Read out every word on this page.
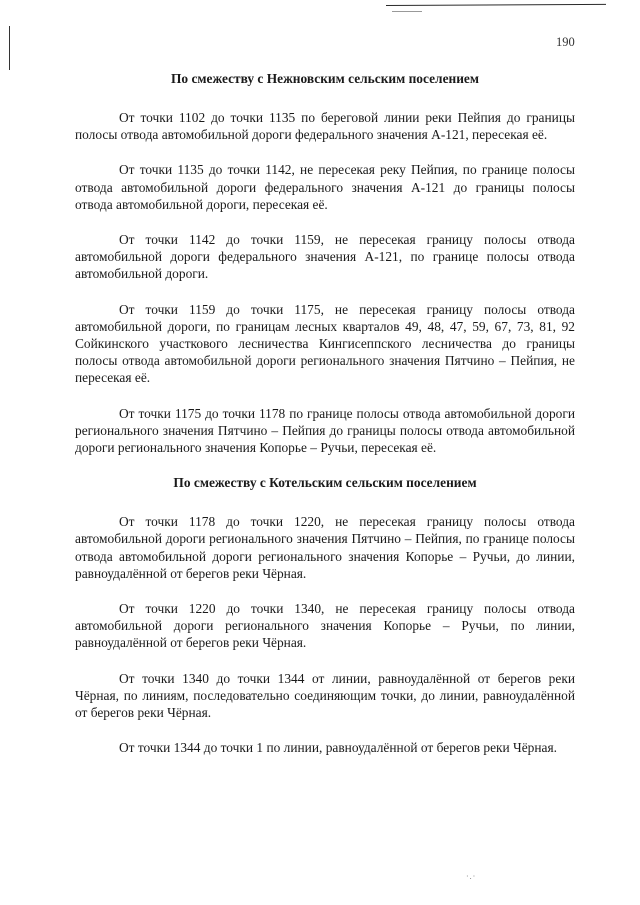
·.·
190
По смежеству с Нежновским сельским поселением

От точки 1102 до точки 1135 по береговой линии реки Пейпия до границы полосы отвода автомобильной дороги федерального значения А-121, пересекая её.

От точки 1135 до точки 1142, не пересекая реку Пейпия, по границе полосы отвода автомобильной дороги федерального значения А-121 до границы полосы отвода автомобильной дороги, пересекая её.

От точки 1142 до точки 1159, не пересекая границу полосы отвода автомобильной дороги федерального значения А-121, по границе полосы отвода автомобильной дороги.

От точки 1159 до точки 1175, не пересекая границу полосы отвода автомобильной дороги, по границам лесных кварталов 49, 48, 47, 59, 67, 73, 81, 92 Сойкинского участкового лесничества Кингисеппского лесничества до границы полосы отвода автомобильной дороги регионального значения Пятчино – Пейпия, не пересекая её.

От точки 1175 до точки 1178 по границе полосы отвода автомобильной дороги регионального значения Пятчино – Пейпия до границы полосы отвода автомобильной дороги регионального значения Копорье – Ручьи, пересекая её.

По смежеству с Котельским сельским поселением

От точки 1178 до точки 1220, не пересекая границу полосы отвода автомобильной дороги регионального значения Пятчино – Пейпия, по границе полосы отвода автомобильной дороги регионального значения Копорье – Ручьи, до линии, равноудалённой от берегов реки Чёрная.

От точки 1220 до точки 1340, не пересекая границу полосы отвода автомобильной дороги регионального значения Копорье – Ручьи, по линии, равноудалённой от берегов реки Чёрная.

От точки 1340 до точки 1344 от линии, равноудалённой от берегов реки Чёрная, по линиям, последовательно соединяющим точки, до линии, равноудалённой от берегов реки Чёрная.

От точки 1344 до точки 1 по линии, равноудалённой от берегов реки Чёрная.
